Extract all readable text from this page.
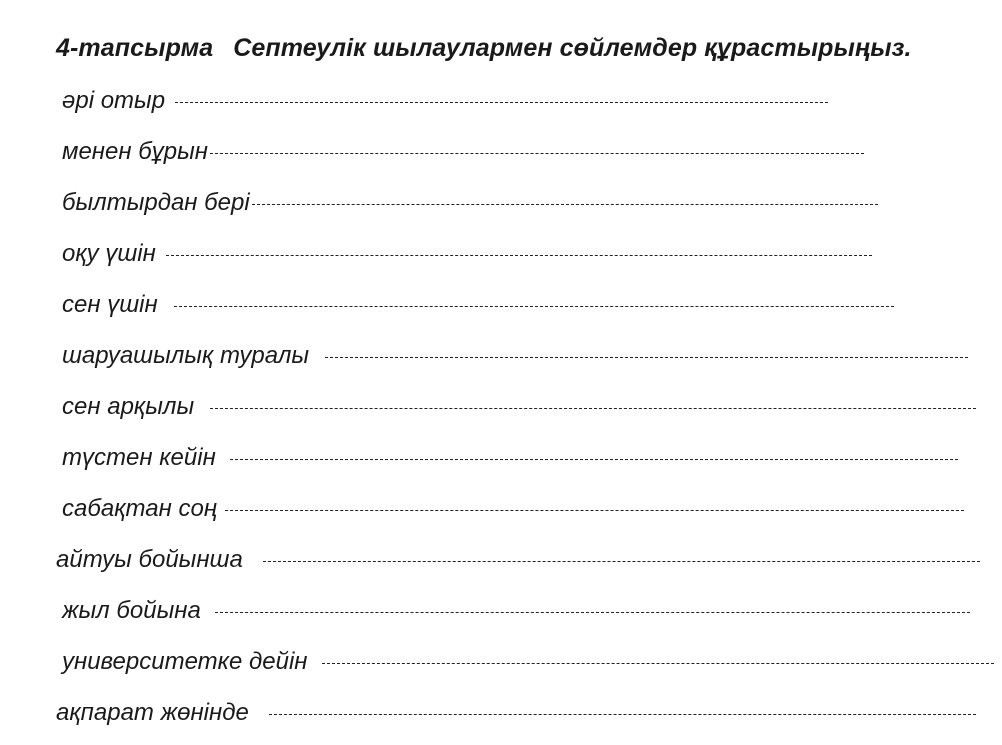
4-тапсырма Септеулік шылаулармен сөйлемдер құрастырыңыз.
әрі отыр
менен бұрын
былтырдан бері
оқу үшін
сен үшін
шаруашылық туралы
сен арқылы
түстен кейін
сабақтан соң
айтуы бойынша
жыл бойына
университетке дейін
ақпарат жөнінде
